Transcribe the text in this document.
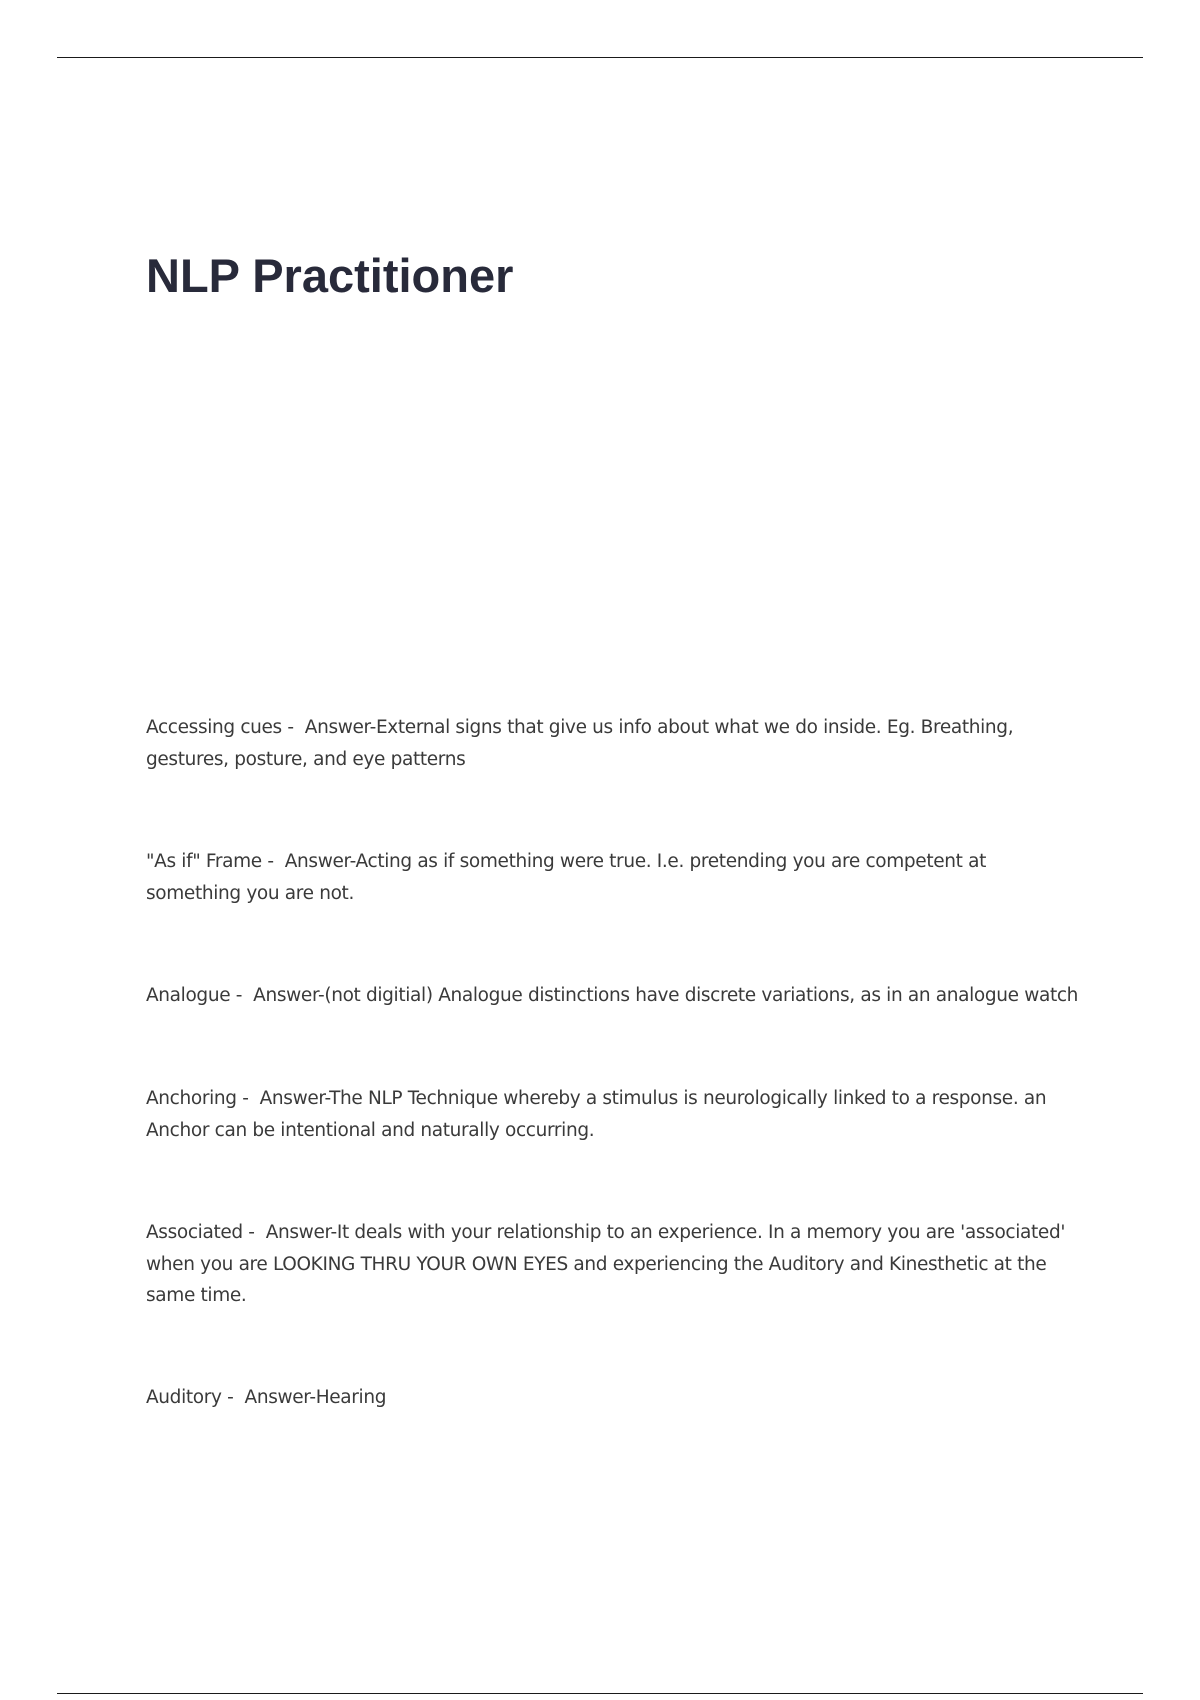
NLP Practitioner

Accessing cues -  Answer-External signs that give us info about what we do inside. Eg. Breathing, gestures, posture, and eye patterns

"As if" Frame -  Answer-Acting as if something were true. I.e. pretending you are competent at something you are not.

Analogue -  Answer-(not digitial) Analogue distinctions have discrete variations, as in an analogue watch

Anchoring -  Answer-The NLP Technique whereby a stimulus is neurologically linked to a response. an Anchor can be intentional and naturally occurring.

Associated -  Answer-It deals with your relationship to an experience. In a memory you are 'associated' when you are LOOKING THRU YOUR OWN EYES and experiencing the Auditory and Kinesthetic at the same time.

Auditory -  Answer-Hearing
